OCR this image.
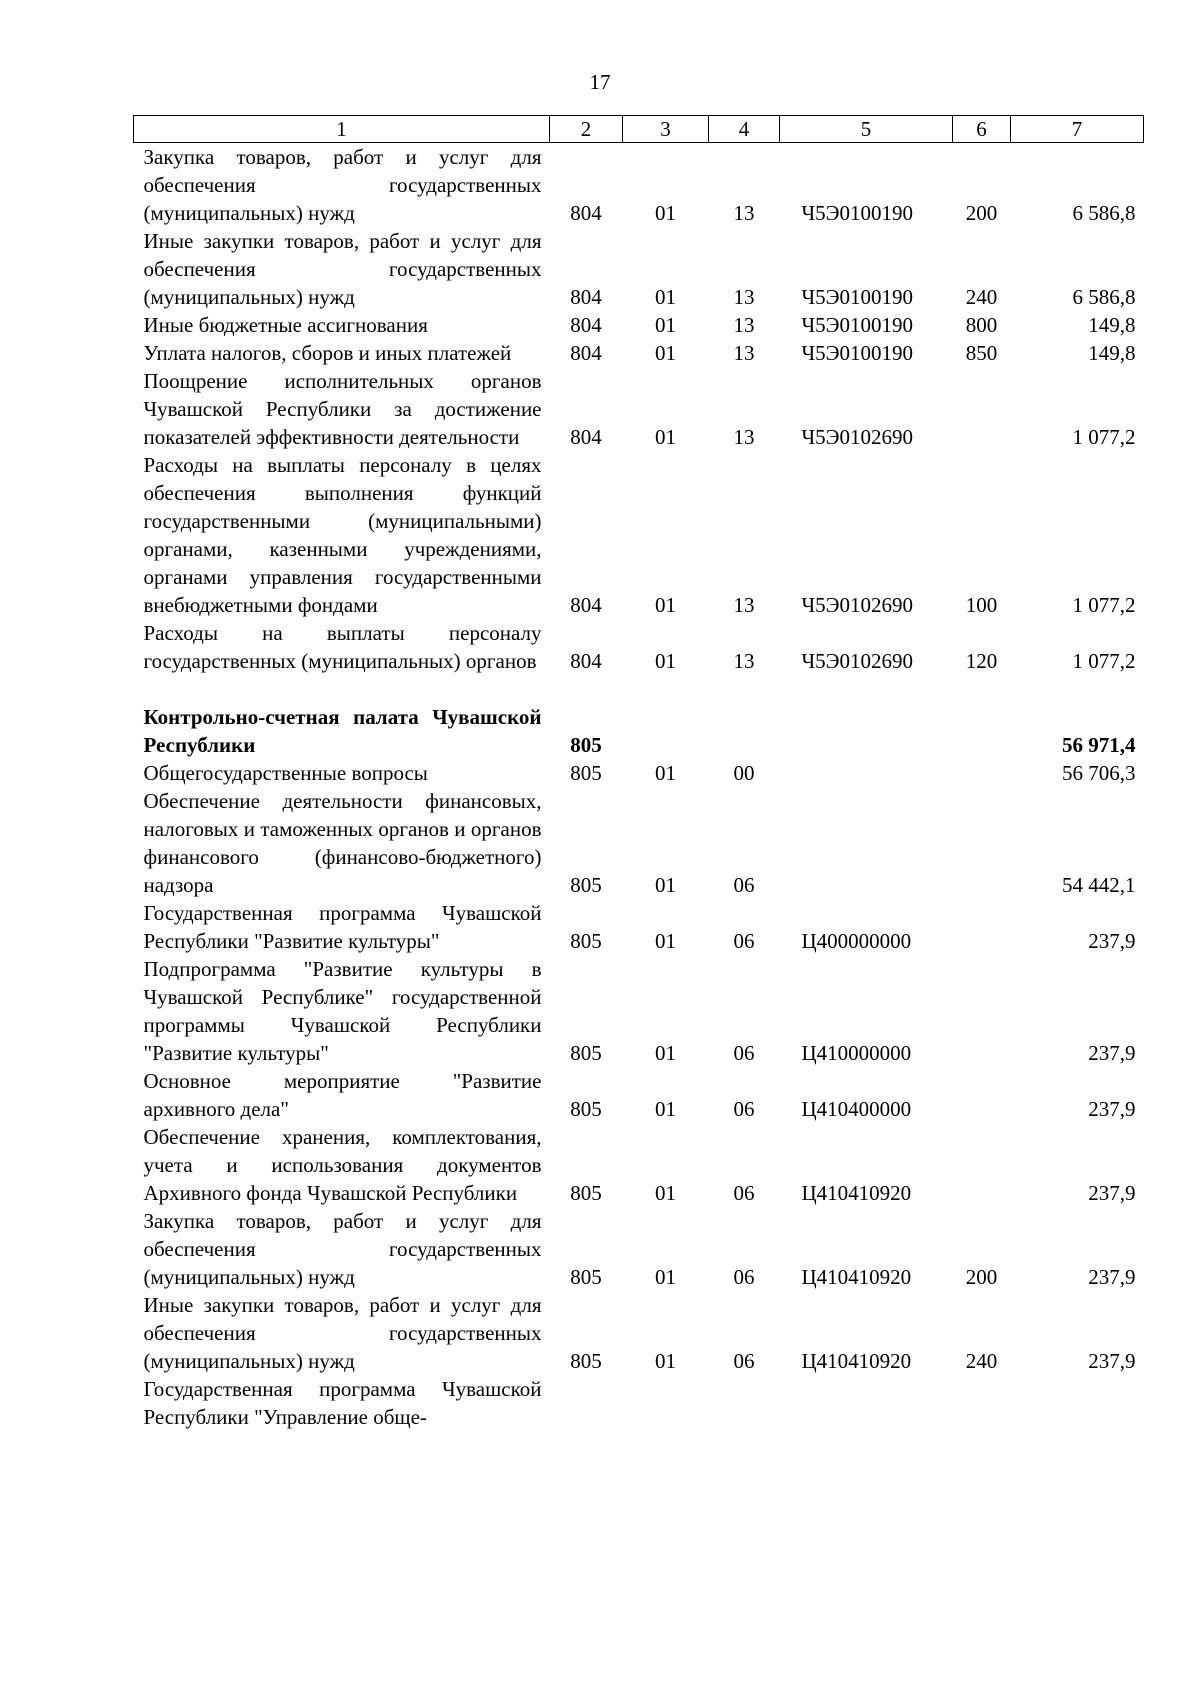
17
1	2	3	4	5	6	7
Закупка товаров, работ и услуг для обеспечения государственных (муниципальных) нужд	804	01	13	Ч5Э0100190	200	6 586,8
Иные закупки товаров, работ и услуг для обеспечения государственных (муниципальных) нужд	804	01	13	Ч5Э0100190	240	6 586,8
Иные бюджетные ассигнования	804	01	13	Ч5Э0100190	800	149,8
Уплата налогов, сборов и иных платежей	804	01	13	Ч5Э0100190	850	149,8
Поощрение исполнительных органов Чувашской Республики за достижение показателей эффективности деятельности	804	01	13	Ч5Э0102690		1 077,2
Расходы на выплаты персоналу в целях обеспечения выполнения функций государственными (муниципальными) органами, казенными учреждениями, органами управления государственными внебюджетными фондами	804	01	13	Ч5Э0102690	100	1 077,2
Расходы на выплаты персоналу государственных (муниципальных) органов	804	01	13	Ч5Э0102690	120	1 077,2

Контрольно-счетная палата Чувашской Республики	805					56 971,4
Общегосударственные вопросы	805	01	00			56 706,3
Обеспечение деятельности финансовых, налоговых и таможенных органов и органов финансового (финансово-бюджетного) надзора	805	01	06			54 442,1
Государственная программа Чувашской Республики "Развитие культуры"	805	01	06	Ц400000000		237,9
Подпрограмма "Развитие культуры в Чувашской Республике" государственной программы Чувашской Республики "Развитие культуры"	805	01	06	Ц410000000		237,9
Основное мероприятие "Развитие архивного дела"	805	01	06	Ц410400000		237,9
Обеспечение хранения, комплектования, учета и использования документов Архивного фонда Чувашской Республики	805	01	06	Ц410410920		237,9
Закупка товаров, работ и услуг для обеспечения государственных (муниципальных) нужд	805	01	06	Ц410410920	200	237,9
Иные закупки товаров, работ и услуг для обеспечения государственных (муниципальных) нужд	805	01	06	Ц410410920	240	237,9
Государственная программа Чувашской Республики "Управление обще-						
